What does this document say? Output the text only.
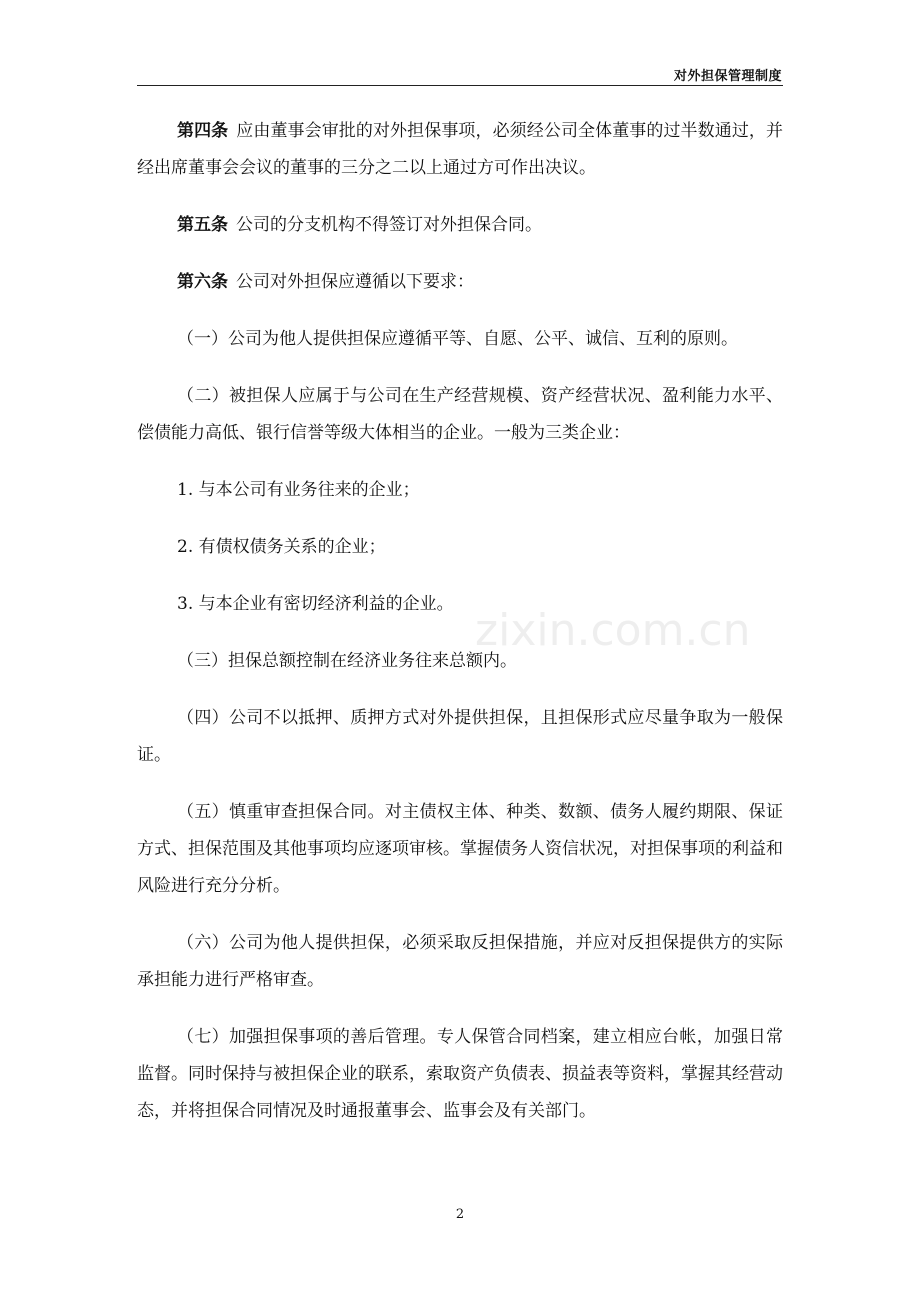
对外担保管理制度

第四条 应由董事会审批的对外担保事项，必须经公司全体董事的过半数通过，并经出席董事会会议的董事的三分之二以上通过方可作出决议。

第五条 公司的分支机构不得签订对外担保合同。

第六条 公司对外担保应遵循以下要求：

（一）公司为他人提供担保应遵循平等、自愿、公平、诚信、互利的原则。

（二）被担保人应属于与公司在生产经营规模、资产经营状况、盈利能力水平、偿债能力高低、银行信誉等级大体相当的企业。一般为三类企业：

1. 与本公司有业务往来的企业；

2. 有债权债务关系的企业；

3. 与本企业有密切经济利益的企业。

（三）担保总额控制在经济业务往来总额内。

（四）公司不以抵押、质押方式对外提供担保，且担保形式应尽量争取为一般保证。

（五）慎重审查担保合同。对主债权主体、种类、数额、债务人履约期限、保证方式、担保范围及其他事项均应逐项审核。掌握债务人资信状况，对担保事项的利益和风险进行充分分析。

（六）公司为他人提供担保，必须采取反担保措施，并应对反担保提供方的实际承担能力进行严格审查。

（七）加强担保事项的善后管理。专人保管合同档案，建立相应台帐，加强日常监督。同时保持与被担保企业的联系，索取资产负债表、损益表等资料，掌握其经营动态，并将担保合同情况及时通报董事会、监事会及有关部门。

zixin.com.cn
2
